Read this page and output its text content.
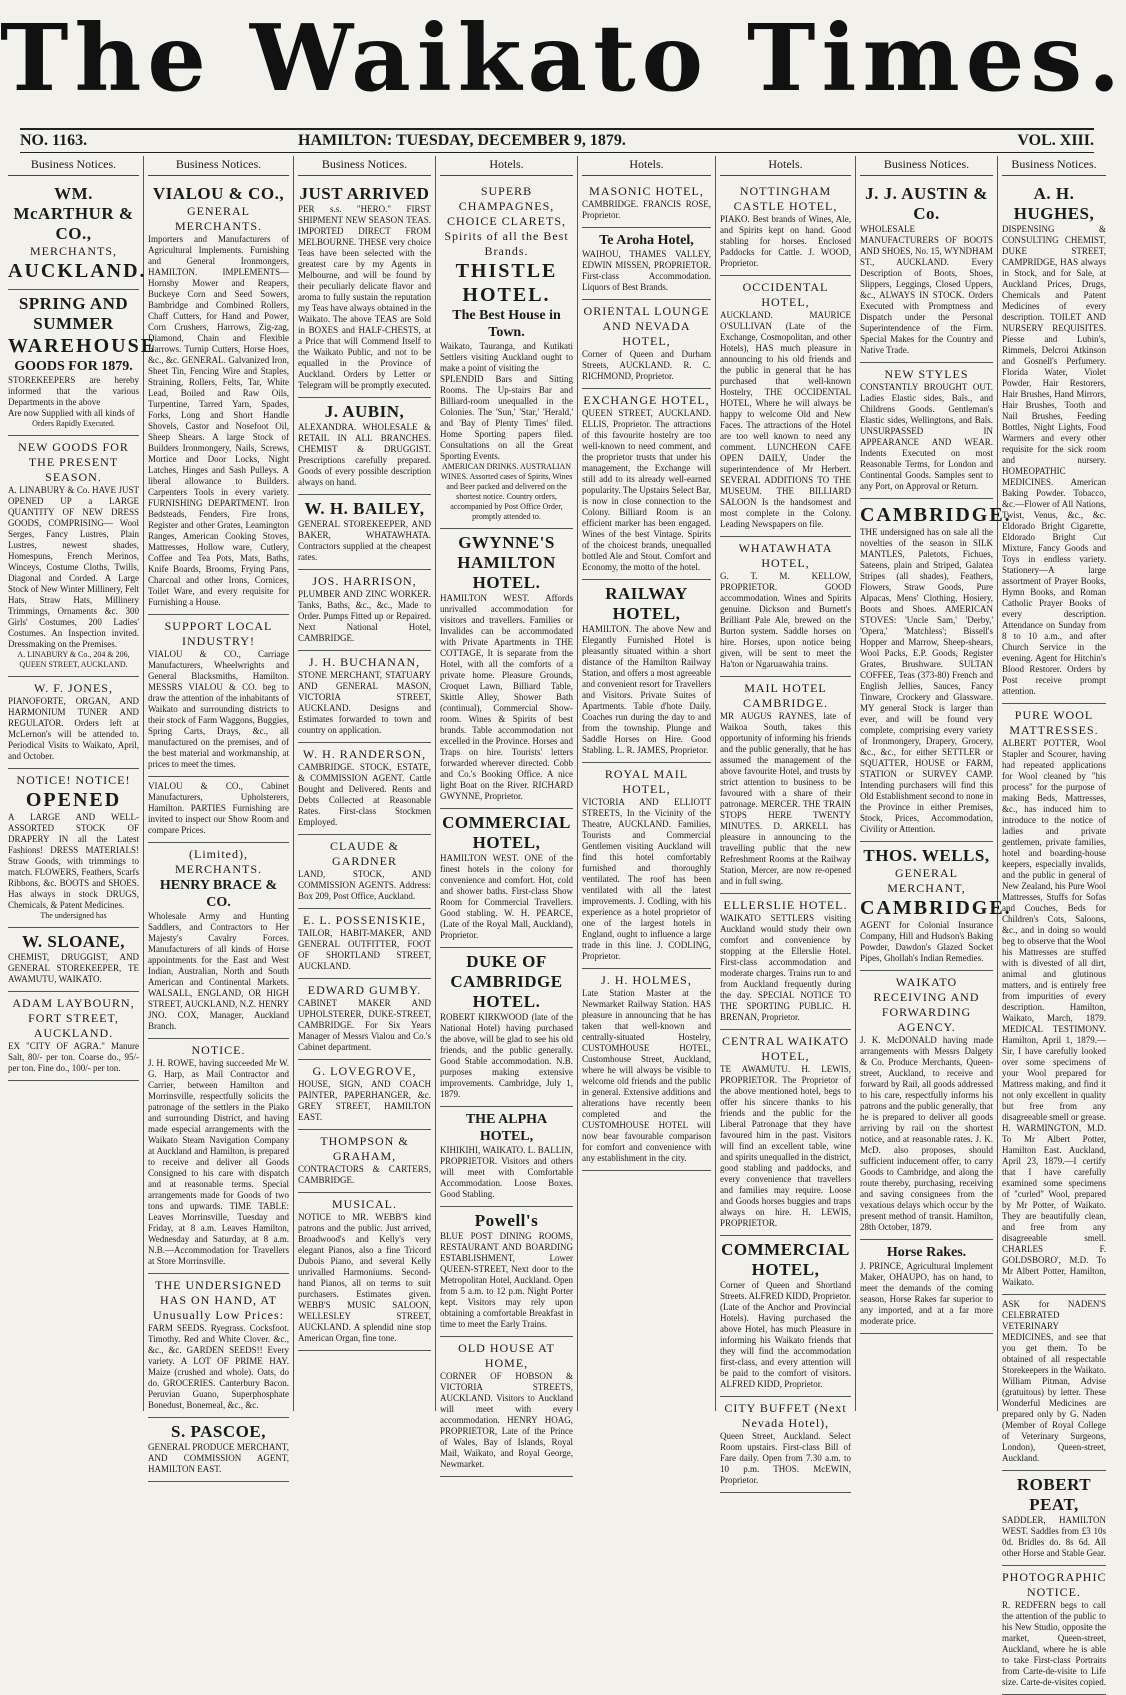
The Waikato Times.
NO. 1163.	HAMILTON: TUESDAY, DECEMBER 9, 1879.	VOL. XIII.
Business Notices.
WM. McARTHUR & CO.,
MERCHANTS,
AUCKLAND.
SPRING AND SUMMER
WAREHOUSE
GOODS FOR 1879.
STOREKEEPERS are hereby informed that the various Departments in the above
Are now Supplied with all kinds of
Orders Rapidly Executed.
NEW GOODS FOR THE PRESENT SEASON.
A. LINABURY & Co. HAVE JUST OPENED UP a LARGE QUANTITY OF NEW DRESS GOODS, COMPRISING— Wool Serges, Fancy Lustres, Plain Lustres, newest shades, Homespuns, French Merinos, Winceys, Costume Cloths, Twills, Diagonal and Corded. A Large Stock of New Winter Millinery, Felt Hats, Straw Hats, Millinery Trimmings, Ornaments &c. 300 Girls' Costumes, 200 Ladies' Costumes. An Inspection invited. Dressmaking on the Premises.
A. LINABURY & Co., 204 & 206, QUEEN STREET, AUCKLAND.
W. F. JONES,
PIANOFORTE, ORGAN, AND HARMONIUM TUNER AND REGULATOR. Orders left at McLernon's will be attended to. Periodical Visits to Waikato, April, and October.
NOTICE! NOTICE!
OPENED
A LARGE AND WELL-ASSORTED STOCK OF DRAPERY IN all the Latest Fashions! DRESS MATERIALS! Straw Goods, with trimmings to match. FLOWERS, Feathers, Scarfs Ribbons, &c. BOOTS and SHOES. Has always in stock DRUGS, Chemicals, & Patent Medicines.
The undersigned has
W. SLOANE,
CHEMIST, DRUGGIST, AND GENERAL STOREKEEPER, TE AWAMUTU, WAIKATO.
ADAM LAYBOURN, FORT STREET, AUCKLAND.
EX "CITY OF AGRA." Manure Salt, 80/- per ton. Coarse do., 95/- per ton. Fine do., 100/- per ton.
Business Notices.
VIALOU & CO.,
GENERAL MERCHANTS.
Importers and Manufacturers of Agricultural Implements. Furnishing and General Ironmongers, HAMILTON. IMPLEMENTS— Hornsby Mower and Reapers, Buckeye Corn and Seed Sowers, Bambridge and Combined Rollers, Chaff Cutters, for Hand and Power, Corn Crushers, Harrows, Zig-zag, Diamond, Chain and Flexible Harrows. Turnip Cutters, Horse Hoes, &c., &c. GENERAL. Galvanized Iron, Sheet Tin, Fencing Wire and Staples, Straining, Rollers, Felts, Tar, White Lead, Boiled and Raw Oils, Turpentine, Tarred Yarn, Spades, Forks, Long and Short Handle Shovels, Castor and Nosefoot Oil, Sheep Shears. A large Stock of Builders Ironmongery, Nails, Screws, Mortice and Door Locks, Night Latches, Hinges and Sash Pulleys. A liberal allowance to Builders. Carpenters Tools in every variety. FURNISHING DEPARTMENT. Iron Bedsteads, Fenders, Fire Irons, Register and other Grates, Leamington Ranges, American Cooking Stoves, Mattresses, Hollow ware, Cutlery, Coffee and Tea Pots, Mats, Baths, Knife Boards, Brooms, Frying Pans, Charcoal and other Irons, Cornices, Toilet Ware, and every requisite for Furnishing a House.
SUPPORT LOCAL INDUSTRY!
VIALOU & CO., Carriage Manufacturers, Wheelwrights and General Blacksmiths, Hamilton. MESSRS VIALOU & CO. beg to draw the attention of the inhabitants of Waikato and surrounding districts to their stock of Farm Waggons, Buggies, Spring Carts, Drays, &c., all manufactured on the premises, and of the best material and workmanship, at prices to meet the times.
VIALOU & CO., Cabinet Manufacturers, Upholsterers, Hamilton. PARTIES Furnishing are invited to inspect our Show Room and compare Prices.
(Limited), MERCHANTS.
HENRY BRACE & CO.
Wholesale Army and Hunting Saddlers, and Contractors to Her Majesty's Cavalry Forces. Manufacturers of all kinds of Horse appointments for the East and West Indian, Australian, North and South American and Continental Markets. WALSALL, ENGLAND, OR HIGH STREET, AUCKLAND, N.Z. HENRY JNO. COX, Manager, Auckland Branch.
NOTICE.
J. H. ROWE, having succeeded Mr W. G. Harp, as Mail Contractor and Carrier, between Hamilton and Morrinsville, respectfully solicits the patronage of the settlers in the Piako and surrounding District, and having made especial arrangements with the Waikato Steam Navigation Company at Auckland and Hamilton, is prepared to receive and deliver all Goods Consigned to his care with dispatch and at reasonable terms. Special arrangements made for Goods of two tons and upwards. TIME TABLE: Leaves Morrinsville, Tuesday and Friday, at 8 a.m. Leaves Hamilton, Wednesday and Saturday, at 8 a.m. N.B.—Accommodation for Travellers at Store Morrinsville.
THE UNDERSIGNED HAS ON HAND, AT Unusually Low Prices:
FARM SEEDS. Ryegrass. Cocksfoot. Timothy. Red and White Clover. &c., &c., &c. GARDEN SEEDS!! Every variety. A LOT OF PRIME HAY. Maize (crushed and whole). Oats, do do. GROCERIES. Canterbury Bacon. Peruvian Guano, Superphosphate Bonedust, Bonemeal, &c., &c.
S. PASCOE,
GENERAL PRODUCE MERCHANT, AND COMMISSION AGENT, HAMILTON EAST.
Business Notices.
JUST ARRIVED
PER s.s. "HERO." FIRST SHIPMENT NEW SEASON TEAS. IMPORTED DIRECT FROM MELBOURNE. THESE very choice Teas have been selected with the greatest care by my Agents in Melbourne, and will be found by their peculiarly delicate flavor and aroma to fully sustain the reputation my Teas have always obtained in the Waikato. The above TEAS are Sold in BOXES and HALF-CHESTS, at a Price that will Commend Itself to the Waikato Public, and not to be equalled in the Province of Auckland. Orders by Letter or Telegram will be promptly executed.
J. AUBIN,
ALEXANDRA. WHOLESALE & RETAIL IN ALL BRANCHES. CHEMIST & DRUGGIST. Prescriptions carefully prepared. Goods of every possible description always on hand.
W. H. BAILEY,
GENERAL STOREKEEPER, AND BAKER, WHATAWHATA. Contractors supplied at the cheapest rates.
JOS. HARRISON,
PLUMBER AND ZINC WORKER. Tanks, Baths, &c., &c., Made to Order. Pumps Fitted up or Repaired. Next National Hotel, CAMBRIDGE.
J. H. BUCHANAN,
STONE MERCHANT, STATUARY AND GENERAL MASON, VICTORIA STREET, AUCKLAND. Designs and Estimates forwarded to town and country on application.
W. H. RANDERSON,
CAMBRIDGE. STOCK, ESTATE, & COMMISSION AGENT. Cattle Bought and Delivered. Rents and Debts Collected at Reasonable Rates. First-class Stockmen Employed.
CLAUDE & GARDNER
LAND, STOCK, AND COMMISSION AGENTS. Address: Box 209, Post Office, Auckland.
E. L. POSSENISKIE,
TAILOR, HABIT-MAKER, AND GENERAL OUTFITTER, FOOT OF SHORTLAND STREET, AUCKLAND.
EDWARD GUMBY.
CABINET MAKER AND UPHOLSTERER, DUKE-STREET, CAMBRIDGE. For Six Years Manager of Messrs Vialou and Co.'s Cabinet department.
G. LOVEGROVE,
HOUSE, SIGN, AND COACH PAINTER, PAPERHANGER, &c. GREY STREET, HAMILTON EAST.
THOMPSON & GRAHAM,
CONTRACTORS & CARTERS, CAMBRIDGE.
MUSICAL.
NOTICE to MR. WEBB'S kind patrons and the public. Just arrived, Broadwood's and Kelly's very elegant Pianos, also a fine Tricord Dubois Piano, and several Kelly unrivalled Harmoniums. Second-hand Pianos, all on terms to suit purchasers. Estimates given. WEBB'S MUSIC SALOON, WELLESLEY STREET, AUCKLAND. A splendid nine stop American Organ, fine tone.
Hotels.
SUPERB CHAMPAGNES, CHOICE CLARETS, Spirits of all the Best Brands.
THISTLE HOTEL.
The Best House in Town.
Waikato, Tauranga, and Kutikati Settlers visiting Auckland ought to make a point of visiting the
SPLENDID Bars and Sitting Rooms. The Up-stairs Bar and Billiard-room unequalled in the Colonies. The 'Sun,' 'Star,' 'Herald,' and 'Bay of Plenty Times' filed. Home Sporting papers filed. Consultations on all the Great Sporting Events.
AMERICAN DRINKS. AUSTRALIAN WINES. Assorted cases of Spirits, Wines and Beer packed and delivered on the shortest notice. Country orders, accompanied by Post Office Order, promptly attended to.
GWYNNE'S HAMILTON HOTEL.
HAMILTON WEST. Affords unrivalled accommodation for visitors and travellers. Families or Invalides can be accommodated with Private Apartments in THE COTTAGE, It is separate from the Hotel, with all the comforts of a private home. Pleasure Grounds, Croquet Lawn, Billiard Table, Skittle Alley, Shower Bath (continual), Commercial Show-room. Wines & Spirits of best brands. Table accommodation not excelled in the Province. Horses and Traps on hire. Tourists' letters forwarded wherever directed. Cobb and Co.'s Booking Office. A nice light Boat on the River. RICHARD GWYNNE, Proprietor.
COMMERCIAL HOTEL,
HAMILTON WEST. ONE of the finest hotels in the colony for convenience and comfort. Hot, cold and shower baths. First-class Show Room for Commercial Travellers. Good stabling. W. H. PEARCE, (Late of the Royal Mall, Auckland), Proprietor.
DUKE OF CAMBRIDGE HOTEL.
ROBERT KIRKWOOD (late of the National Hotel) having purchased the above, will be glad to see his old friends, and the public generally. Good Stable accommodation. N.B. purposes making extensive improvements. Cambridge, July 1, 1879.
THE ALPHA HOTEL,
KIHIKIHI, WAIKATO. L. BALLIN, PROPRIETOR. Visitors and others will meet with Comfortable Accommodation. Loose Boxes. Good Stabling.
Powell's
BLUE POST DINING ROOMS, RESTAURANT AND BOARDING ESTABLISHMENT, Lower QUEEN-STREET, Next door to the Metropolitan Hotel, Auckland. Open from 5 a.m. to 12 p.m. Night Porter kept. Visitors may rely upon obtaining a comfortable Breakfast in time to meet the Early Trains.
OLD HOUSE AT HOME,
CORNER OF HOBSON & VICTORIA STREETS, AUCKLAND. Visitors to Auckland will meet with every accommodation. HENRY HOAG, PROPRIETOR, Late of the Prince of Wales, Bay of Islands, Royal Mail, Waikato, and Royal George, Newmarket.
Hotels.
MASONIC HOTEL,
CAMBRIDGE. FRANCIS ROSE, Proprietor.
Te Aroha Hotel,
WAIHOU, THAMES VALLEY, EDWIN MISSEN, PROPRIETOR. First-class Accommodation. Liquors of Best Brands.
ORIENTAL LOUNGE AND NEVADA HOTEL,
Corner of Queen and Durham Streets, AUCKLAND. R. C. RICHMOND, Proprietor.
EXCHANGE HOTEL,
QUEEN STREET, AUCKLAND. ELLIS, Proprietor. The attractions of this favourite hostelry are too well-known to need comment, and the proprietor trusts that under his management, the Exchange will still add to its already well-earned popularity. The Upstairs Select Bar, is now in close connection to the Colony. Billiard Room is an efficient marker has been engaged. Wines of the best Vintage. Spirits of the choicest brands, unequalled bottled Ale and Stout. Comfort and Economy, the motto of the hotel.
RAILWAY HOTEL,
HAMILTON. The above New and Elegantly Furnished Hotel is pleasantly situated within a short distance of the Hamilton Railway Station, and offers a most agreeable and convenient resort for Travellers and Visitors. Private Suites of Apartments. Table d'hote Daily. Coaches run during the day to and from the township. Plunge and Saddle Horses on Hire. Good Stabling. L. R. JAMES, Proprietor.
ROYAL MAIL HOTEL,
VICTORIA AND ELLIOTT STREETS, In the Vicinity of the Theatre, AUCKLAND. Families, Tourists and Commercial Gentlemen visiting Auckland will find this hotel comfortably furnished and thoroughly ventilated. The roof has been ventilated with all the latest improvements. J. Codling, with his experience as a hotel proprietor of one of the largest hotels in England, ought to influence a large trade in this line. J. CODLING, Proprietor.
J. H. HOLMES,
Late Station Master at the Newmarket Railway Station. HAS pleasure in announcing that he has taken that well-known and centrally-situated Hostelry, CUSTOMHOUSE HOTEL, Customhouse Street, Auckland, where he will always be visible to welcome old friends and the public in general. Extensive additions and alterations have recently been completed and the CUSTOMHOUSE HOTEL will now bear favourable comparison for comfort and convenience with any establishment in the city.
Hotels.
NOTTINGHAM CASTLE HOTEL,
PIAKO. Best brands of Wines, Ale, and Spirits kept on hand. Good stabling for horses. Enclosed Paddocks for Cattle. J. WOOD, Proprietor.
OCCIDENTAL HOTEL,
AUCKLAND. MAURICE O'SULLIVAN (Late of the Exchange, Cosmopolitan, and other Hotels), HAS much pleasure in announcing to his old friends and the public in general that he has purchased that well-known Hostelry, THE OCCIDENTAL HOTEL, Where he will always be happy to welcome Old and New Faces. The attractions of the Hotel are too well known to need any comment. LUNCHEON CAFE OPEN DAILY, Under the superintendence of Mr Herbert. SEVERAL ADDITIONS TO THE MUSEUM. THE BILLIARD SALOON Is the handsomest and most complete in the Colony. Leading Newspapers on file.
WHATAWHATA HOTEL,
G. T. M. KELLOW, PROPRIETOR. GOOD accommodation. Wines and Spirits genuine. Dickson and Burnett's Brilliant Pale Ale, brewed on the Burton system. Saddle horses on hire. Horses, upon notice being given, will be sent to meet the Ha'ton or Ngaruawahia trains.
MAIL HOTEL CAMBRIDGE.
MR AUGUS RAYNES, late of Waikoa South, takes this opportunity of informing his friends and the public generally, that he has assumed the management of the above favourite Hotel, and trusts by strict attention to business to be favoured with a share of their patronage. MERCER. THE TRAIN STOPS HERE TWENTY MINUTES. D. ARKELL has pleasure in announcing to the travelling public that the new Refreshment Rooms at the Railway Station, Mercer, are now re-opened and in full swing.
ELLERSLIE HOTEL.
WAIKATO SETTLERS visiting Auckland would study their own comfort and convenience by stopping at the Ellerslie Hotel. First-class accommodation and moderate charges. Trains run to and from Auckland frequently during the day. SPECIAL NOTICE TO THE SPORTING PUBLIC. H. BRENAN, Proprietor.
CENTRAL WAIKATO HOTEL,
TE AWAMUTU. H. LEWIS, PROPRIETOR. The Proprietor of the above mentioned hotel, begs to offer his sincere thanks to his friends and the public for the Liberal Patronage that they have favoured him in the past. Visitors will find an excellent table, wine and spirits unequalled in the district, good stabling and paddocks, and every convenience that travellers and families may require. Loose and Goods horses buggies and traps always on hire. H. LEWIS, PROPRIETOR.
COMMERCIAL HOTEL,
Corner of Queen and Shortland Streets. ALFRED KIDD, Proprietor. (Late of the Anchor and Provincial Hotels). Having purchased the above Hotel, has much Pleasure in informing his Waikato friends that they will find the accommodation first-class, and every attention will be paid to the comfort of visitors. ALFRED KIDD, Proprietor.
CITY BUFFET (Next Nevada Hotel),
Queen Street, Auckland. Select Room upstairs. First-class Bill of Fare daily. Open from 7.30 a.m. to 10 p.m. THOS. McEWIN, Proprietor.
Business Notices.
J. J. AUSTIN & Co.
WHOLESALE MANUFACTURERS OF BOOTS AND SHOES, No. 15, WYNDHAM ST., AUCKLAND. Every Description of Boots, Shoes, Slippers, Leggings, Closed Uppers, &c., ALWAYS IN STOCK. Orders Executed with Promptness and Dispatch under the Personal Superintendence of the Firm. Special Makes for the Country and Native Trade.
NEW STYLES
CONSTANTLY BROUGHT OUT. Ladies Elastic sides, Bals., and Childrens Goods. Gentleman's Elastic sides, Wellingtons, and Bals. UNSURPASSED IN APPEARANCE AND WEAR. Indents Executed on most Reasonable Terms, for London and Continental Goods. Samples sent to any Port, on Approval or Return.
CAMBRIDGE.
THE undersigned has on sale all the novelties of the season in SILK MANTLES, Paletots, Fichues, Sateens, plain and Striped, Galatea Stripes (all shades), Feathers, Flowers, Straw Goods, Pure Alpacas, Mens' Clothing, Hosiery, Boots and Shoes. AMERICAN STOVES: 'Uncle Sam,' 'Derby,' 'Opera,' 'Matchless'; Bissell's Hopper and Marrow, Sheep-shears, Wool Packs, E.P. Goods, Register Grates, Brushware. SULTAN COFFEE, Teas (373-80) French and English Jellies, Sauces, Fancy Tinware, Crockery and Glassware. MY general Stock is larger than ever, and will be found very complete, comprising every variety of Ironmongery, Drapery, Grocery, &c., &c., for either SETTLER or SQUATTER, HOUSE or FARM, STATION or SURVEY CAMP. Intending purchasers will find this Old Establishment second to none in the Province in either Premises, Stock, Prices, Accommodation, Civility or Attention.
THOS. WELLS,
GENERAL MERCHANT,
CAMBRIDGE.
AGENT for Colonial Insurance Company, Hill and Hudson's Baking Powder, Dawdon's Glazed Socket Pipes, Ghollah's Indian Remedies.
WAIKATO RECEIVING AND FORWARDING AGENCY.
J. K. McDONALD having made arrangements with Messrs Dalgety & Co. Produce Merchants, Queen-street, Auckland, to receive and forward by Rail, all goods addressed to his care, respectfully informs his patrons and the public generally, that he is prepared to deliver all goods arriving by rail on the shortest notice, and at reasonable rates. J. K. McD. also proposes, should sufficient inducement offer, to carry Goods to Cambridge, and along the route thereby, purchasing, receiving and saving consignees from the vexatious delays which occur by the present method of transit. Hamilton, 28th October, 1879.
Horse Rakes.
J. PRINCE, Agricultural Implement Maker, OHAUPO, has on hand, to meet the demands of the coming season, Horse Rakes far superior to any imported, and at a far more moderate price.
Business Notices.
A. H. HUGHES,
DISPENSING & CONSULTING CHEMIST, DUKE STREET, CAMPRIDGE, HAS always in Stock, and for Sale, at Auckland Prices, Drugs, Chemicals and Patent Medicines of every description. TOILET AND NURSERY REQUISITES. Piesse and Lubin's, Rimmels, Delcroi Atkinson and Gosnell's Perfumery. Florida Water, Violet Powder, Hair Restorers, Hair Brushes, Hand Mirrors, Hair Brushes, Tooth and Nail Brushes, Feeding Bottles, Night Lights, Food Warmers and every other requisite for the sick room and nursery. HOMEOPATHIC MEDICINES. American Baking Powder. Tobacco, &c.—Flower of All Nations, Twist, Venus, &c., &c. Eldorado Bright Cigarette, Eldorado Bright Cut Mixture, Fancy Goods and Toys in endless variety. Stationery—A large assortment of Prayer Books, Hymn Books, and Roman Catholic Prayer Books of every description. Attendance on Sunday from 8 to 10 a.m., and after Church Service in the evening. Agent for Hitchin's Blood Restorer. Orders by Post receive prompt attention.
PURE WOOL MATTRESSES.
ALBERT POTTER, Wool Stapler and Scourer, having had repeated applications for Wool cleaned by "his process" for the purpose of making Beds, Mattresses, &c., has induced him to introduce to the notice of ladies and private gentlemen, private families, hotel and boarding-house keepers, especially invalids, and the public in general of New Zealand, his Pure Wool Mattresses, Stuffs for Sofas and Couches, Beds for Children's Cots, Saloons, &c., and in doing so would beg to observe that the Wool his Mattresses are stuffed with is divested of all dirt, animal and glutinous matters, and is entirely free from impurities of every description. Hamilton, Waikato, March, 1879. MEDICAL TESTIMONY. Hamilton, April 1, 1879.—Sir, I have carefully looked over some specimens of your Wool prepared for Mattress making, and find it not only excellent in quality but free from any disagreeable smell or grease. H. WARMINGTON, M.D. To Mr Albert Potter, Hamilton East. Auckland, April 23, 1879.—I certify that I have carefully examined some specimens of "curled" Wool, prepared by Mr Potter, of Waikato. They are beautifully clean, and free from any disagreeable smell. CHARLES F. GOLDSBORO', M.D. To Mr Albert Potter, Hamilton, Waikato.
ASK for NADEN'S CELEBRATED VETERINARY MEDICINES, and see that you get them. To be obtained of all respectable Storekeepers in the Waikato. William Pitman, Advise (gratuitous) by letter. These Wonderful Medicines are prepared only by G. Naden (Member of Royal College of Veterinary Surgeons, London), Queen-street, Auckland.
ROBERT PEAT,
SADDLER, HAMILTON WEST. Saddles from £3 10s 0d. Bridles do. 8s 6d. All other Horse and Stable Gear.
PHOTOGRAPHIC NOTICE.
R. REDFERN begs to call the attention of the public to his New Studio, opposite the market, Queen-street, Auckland, where he is able to take First-class Portraits from Carte-de-visite to Life size. Carte-de-visites copied.
